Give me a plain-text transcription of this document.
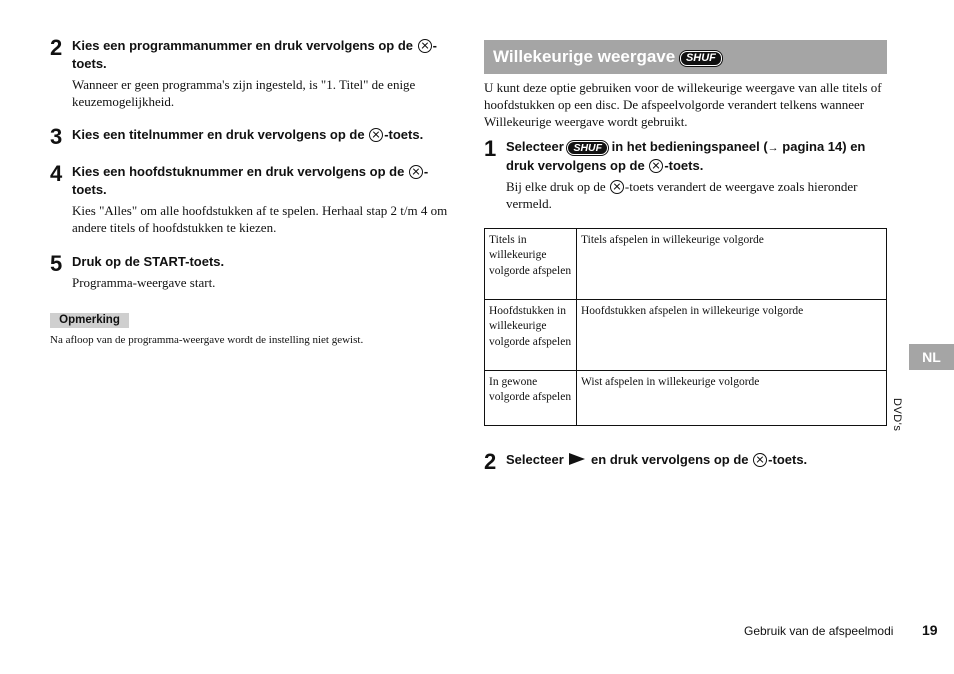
2 Kies een programmanummer en druk vervolgens op de -toets.
Wanneer er geen programma's zijn ingesteld, is "1. Titel" de enige keuzemogelijkheid.
3 Kies een titelnummer en druk vervolgens op de -toets.
4 Kies een hoofdstuknummer en druk vervolgens op de -toets.
Kies "Alles" om alle hoofdstukken af te spelen. Herhaal stap 2 t/m 4 om andere titels of hoofdstukken te kiezen.
5 Druk op de START-toets.
Programma-weergave start.
Opmerking
Na afloop van de programma-weergave wordt de instelling niet gewist.
Willekeurige weergave SHUF
U kunt deze optie gebruiken voor de willekeurige weergave van alle titels of hoofdstukken op een disc. De afspeelvolgorde verandert telkens wanneer Willekeurige weergave wordt gebruikt.
1 Selecteer SHUF in het bedieningspaneel (→ pagina 14) en druk vervolgens op de -toets.
Bij elke druk op de -toets verandert de weergave zoals hieronder vermeld.
Titels in willekeurige volgorde afspelen	Titels afspelen in willekeurige volgorde
Hoofdstukken in willekeurige volgorde afspelen	Hoofdstukken afspelen in willekeurige volgorde
In gewone volgorde afspelen	Wist afspelen in willekeurige volgorde
2 Selecteer  en druk vervolgens op de -toets.
NL
DVD's
Gebruik van de afspeelmodi 19
